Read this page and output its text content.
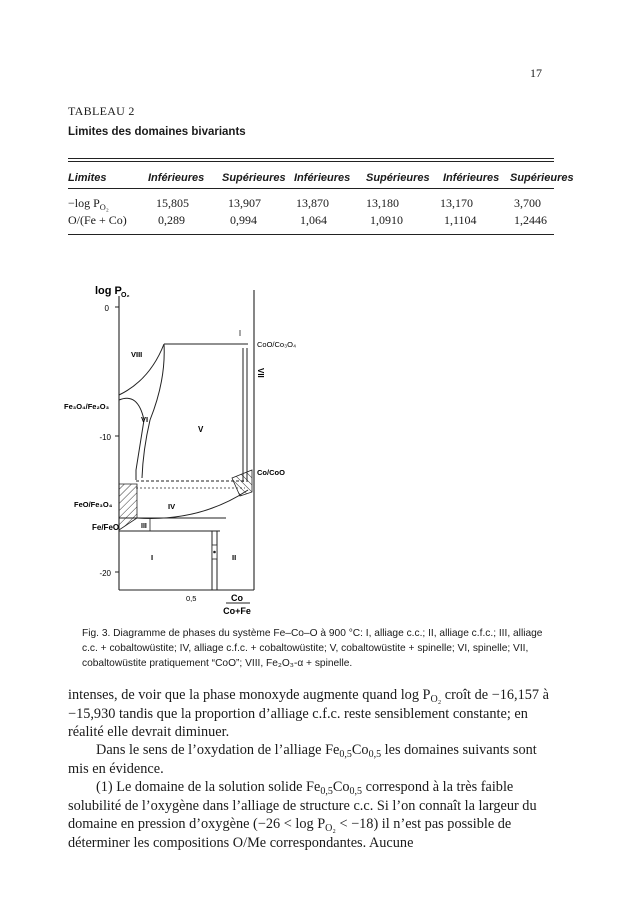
17
TABLEAU 2
Limites des domaines bivariants
Limites	Inférieures Supérieures Inférieures Supérieures Inférieures Supérieures
−log $P_{O_2}$	15,805	13,907	13,870	13,180	13,170	3,700
O/(Fe + Co)	0,289	0,994	1,064	1,0910	1,1104	1,2446
log P O₂
0
-10
-20
VII
CoO/Co₃O₄
Fe₃O₄/Fe₂O₃
Co/CoO
FeO/Fe₃O₄
Fe/FeO
VIII
VI
V
IV
III
I	II
0,5	Co
Co+Fe
Fig. 3. Diagramme de phases du système Fe–Co–O à 900 °C: I, alliage c.c.; II, alliage c.f.c.; III, alliage c.c. + cobaltowüstite; IV, alliage c.f.c. + cobaltowüstite; V, cobaltowüstite + spinelle; VI, spinelle; VII, cobaltowüstite pratiquement “CoO”; VIII, Fe₂O₃-α + spinelle.
intenses, de voir que la phase monoxyde augmente quand $\log P_{O_2}$ croît de −16,157 à −15,930 tandis que la proportion d’alliage c.f.c. reste sensiblement constante; en réalité elle devrait diminuer.
Dans le sens de l’oxydation de l’alliage $Fe_{0,5}Co_{0,5}$ les domaines suivants sont mis en évidence.
(1) Le domaine de la solution solide $Fe_{0,5}Co_{0,5}$ correspond à la très faible solubilité de l’oxygène dans l’alliage de structure c.c. Si l’on connaît la largeur du domaine en pression d’oxygène $(-26 < \log P_{O_2} < -18)$ il n’est pas possible de déterminer les compositions O/Me correspondantes. Aucune
